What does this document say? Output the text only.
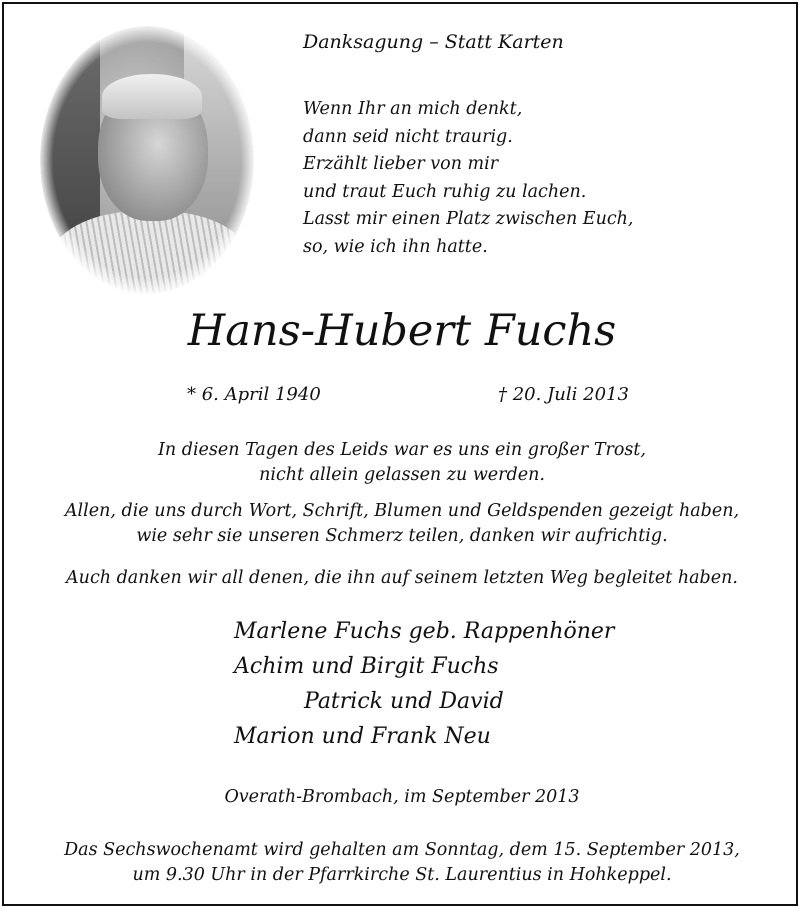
Danksagung – Statt Karten
Wenn Ihr an mich denkt,
dann seid nicht traurig.
Erzählt lieber von mir
und traut Euch ruhig zu lachen.
Lasst mir einen Platz zwischen Euch,
so, wie ich ihn hatte.
Hans-Hubert Fuchs
* 6. April 1940	† 20. Juli 2013
In diesen Tagen des Leids war es uns ein großer Trost,
nicht allein gelassen zu werden.
Allen, die uns durch Wort, Schrift, Blumen und Geldspenden gezeigt haben,
wie sehr sie unseren Schmerz teilen, danken wir aufrichtig.
Auch danken wir all denen, die ihn auf seinem letzten Weg begleitet haben.
Marlene Fuchs geb. Rappenhöner
Achim und Birgit Fuchs
Patrick und David
Marion und Frank Neu
Overath-Brombach, im September 2013
Das Sechswochenamt wird gehalten am Sonntag, dem 15. September 2013,
um 9.30 Uhr in der Pfarrkirche St. Laurentius in Hohkeppel.
